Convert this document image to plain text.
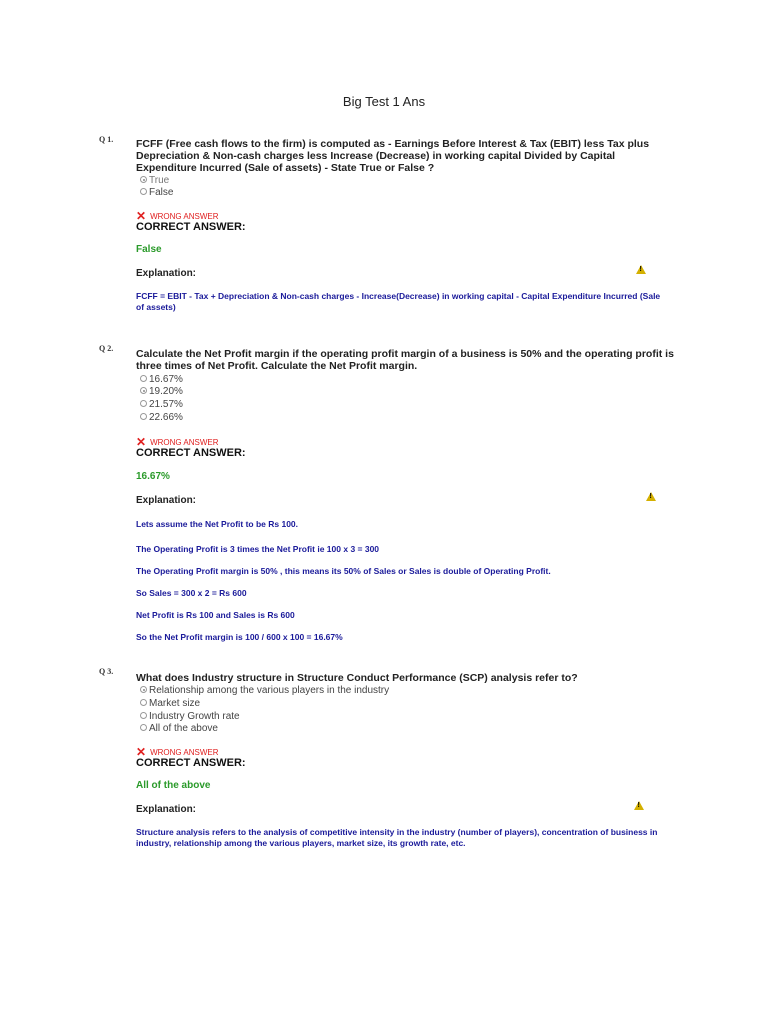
Big Test 1 Ans
Q 1. FCFF (Free cash flows to the firm) is computed as - Earnings Before Interest & Tax (EBIT) less Tax plus Depreciation & Non-cash charges less Increase (Decrease) in working capital Divided by Capital Expenditure Incurred (Sale of assets) - State True or False ?
True
False
✕ WRONG ANSWER
CORRECT ANSWER:
False
Explanation:
!
FCFF = EBIT - Tax + Depreciation & Non-cash charges - Increase(Decrease) in working capital - Capital Expenditure Incurred (Sale of assets)
Q 2. Calculate the Net Profit margin if the operating profit margin of a business is 50% and the operating profit is three times of Net Profit. Calculate the Net Profit margin.
16.67%
19.20%
21.57%
22.66%
✕ WRONG ANSWER
CORRECT ANSWER:
16.67%
Explanation:
!
Lets assume the Net Profit to be Rs 100.
The Operating Profit is 3 times the Net Profit ie 100 x 3 = 300
The Operating Profit margin is 50% , this means its 50% of Sales or Sales is double of Operating Profit.
So Sales = 300 x 2 = Rs 600
Net Profit is Rs 100 and Sales is Rs 600
So the Net Profit margin is 100 / 600 x 100 = 16.67%
Q 3.
What does Industry structure in Structure Conduct Performance (SCP) analysis refer to?
Relationship among the various players in the industry
Market size
Industry Growth rate
All of the above
✕ WRONG ANSWER
CORRECT ANSWER:
All of the above
Explanation:
!
Structure analysis refers to the analysis of competitive intensity in the industry (number of players), concentration of business in industry, relationship among the various players, market size, its growth rate, etc.
